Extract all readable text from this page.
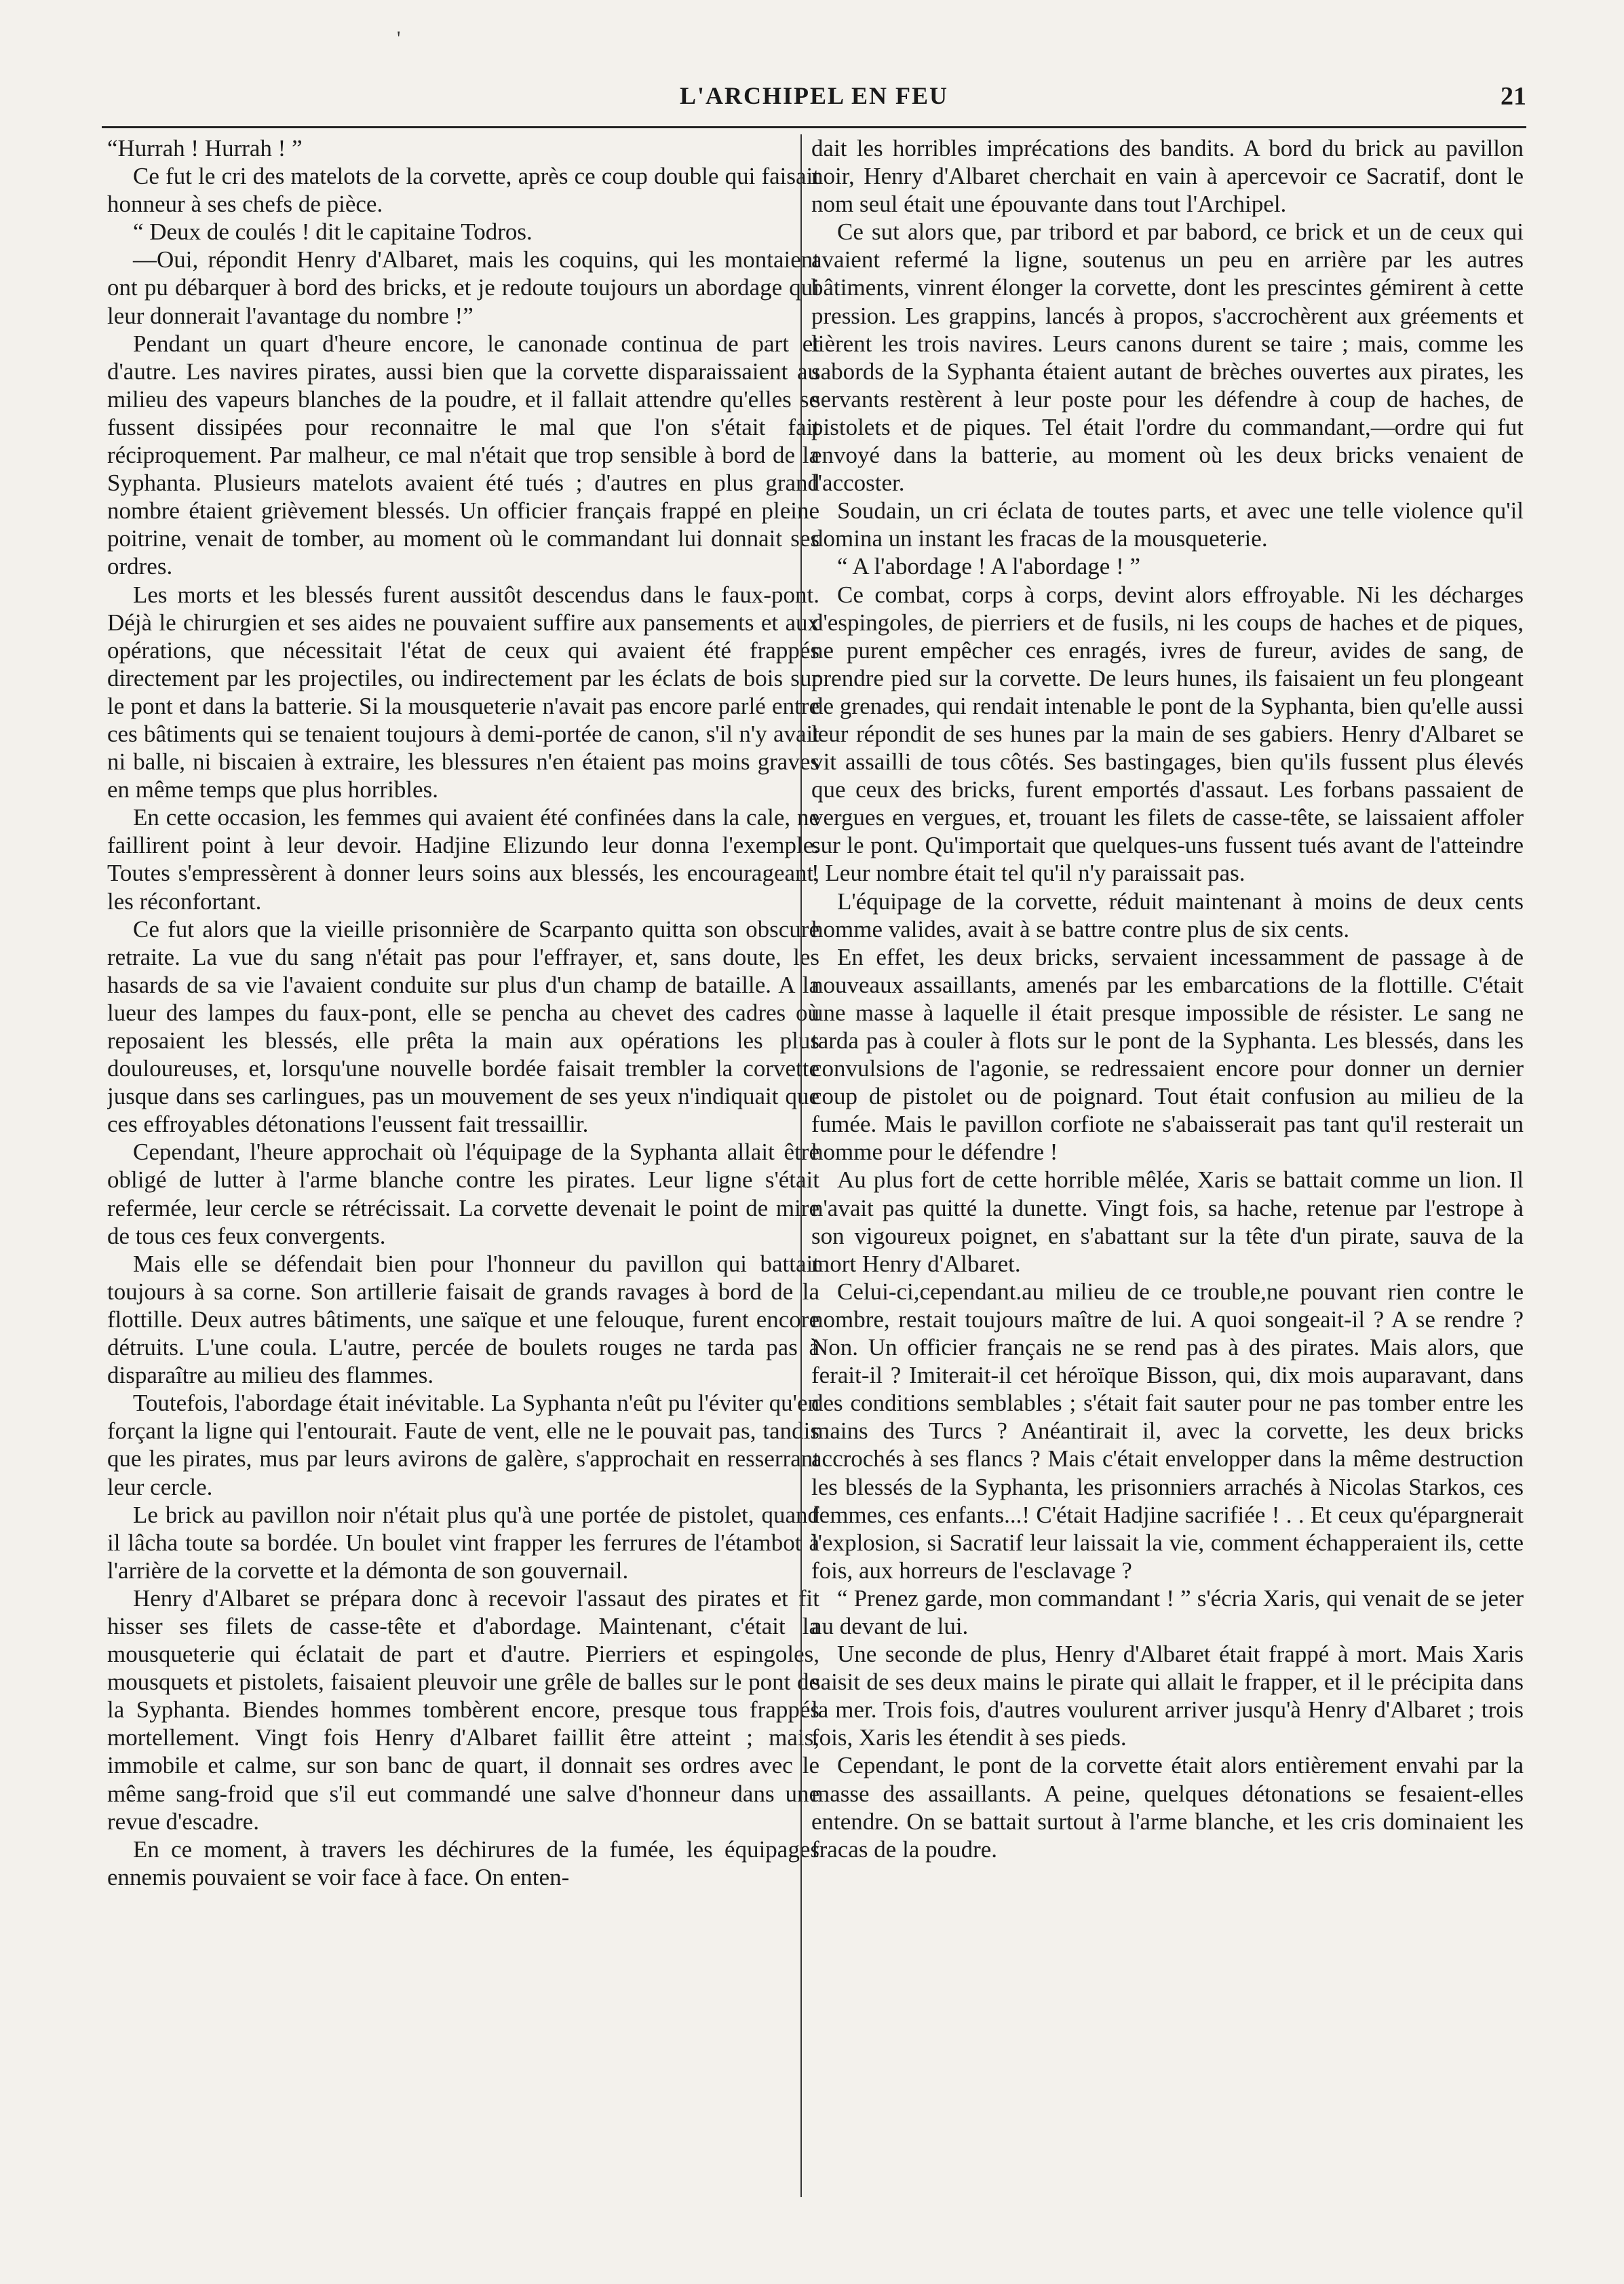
L'ARCHIPEL EN FEU	21
'

“Hurrah ! Hurrah ! ”

Ce fut le cri des matelots de la corvette, après ce coup double qui faisait honneur à ses chefs de pièce.

“ Deux de coulés ! dit le capitaine Todros.

—Oui, répondit Henry d'Albaret, mais les coquins, qui les montaient ont pu débarquer à bord des bricks, et je redoute toujours un abordage qui leur donnerait l'avantage du nombre !”

Pendant un quart d'heure encore, le canonade continua de part et d'autre. Les navires pirates, aussi bien que la corvette disparaissaient au milieu des vapeurs blanches de la poudre, et il fallait attendre qu'elles se fussent dissipées pour reconnaitre le mal que l'on s'était fait réciproquement. Par malheur, ce mal n'était que trop sensible à bord de la Syphanta. Plusieurs matelots avaient été tués ; d'autres en plus grand nombre étaient grièvement blessés. Un officier français frappé en pleine poitrine, venait de tomber, au moment où le commandant lui donnait ses ordres.

Les morts et les blessés furent aussitôt descendus dans le faux-pont. Déjà le chirurgien et ses aides ne pouvaient suffire aux pansements et aux opérations, que nécessitait l'état de ceux qui avaient été frappés directement par les projectiles, ou indirectement par les éclats de bois sur le pont et dans la batterie. Si la mousqueterie n'avait pas encore parlé entre ces bâtiments qui se tenaient toujours à demi-portée de canon, s'il n'y avait ni balle, ni biscaien à extraire, les blessures n'en étaient pas moins graves en même temps que plus horribles.

En cette occasion, les femmes qui avaient été confinées dans la cale, ne faillirent point à leur devoir. Hadjine Elizundo leur donna l'exemple. Toutes s'empressèrent à donner leurs soins aux blessés, les encourageant, les réconfortant.

Ce fut alors que la vieille prisonnière de Scarpanto quitta son obscure retraite. La vue du sang n'était pas pour l'effrayer, et, sans doute, les hasards de sa vie l'avaient conduite sur plus d'un champ de bataille. A la lueur des lampes du faux-pont, elle se pencha au chevet des cadres où reposaient les blessés, elle prêta la main aux opérations les plus douloureuses, et, lorsqu'une nouvelle bordée faisait trembler la corvette jusque dans ses carlingues, pas un mouvement de ses yeux n'indiquait que ces effroyables détonations l'eussent fait tressaillir.

Cependant, l'heure approchait où l'équipage de la Syphanta allait être obligé de lutter à l'arme blanche contre les pirates. Leur ligne s'était refermée, leur cercle se rétrécissait. La corvette devenait le point de mire de tous ces feux convergents.

Mais elle se défendait bien pour l'honneur du pavillon qui battait toujours à sa corne. Son artillerie faisait de grands ravages à bord de la flottille. Deux autres bâtiments, une saïque et une felouque, furent encore détruits. L'une coula. L'autre, percée de boulets rouges ne tarda pas à disparaître au milieu des flammes.

Toutefois, l'abordage était inévitable. La Syphanta n'eût pu l'éviter qu'en forçant la ligne qui l'entourait. Faute de vent, elle ne le pouvait pas, tandis que les pirates, mus par leurs avirons de galère, s'approchait en resserrant leur cercle.

Le brick au pavillon noir n'était plus qu'à une portée de pistolet, quand il lâcha toute sa bordée. Un boulet vint frapper les ferrures de l'étambot à l'arrière de la corvette et la démonta de son gouvernail.

Henry d'Albaret se prépara donc à recevoir l'assaut des pirates et fit hisser ses filets de casse-tête et d'abordage. Maintenant, c'était la mousqueterie qui éclatait de part et d'autre. Pierriers et espingoles, mousquets et pistolets, faisaient pleuvoir une grêle de balles sur le pont de la Syphanta. Biendes hommes tombèrent encore, presque tous frappés mortellement. Vingt fois Henry d'Albaret faillit être atteint ; mais, immobile et calme, sur son banc de quart, il donnait ses ordres avec le même sang-froid que s'il eut commandé une salve d'honneur dans une revue d'escadre.

En ce moment, à travers les déchirures de la fumée, les équipages ennemis pouvaient se voir face à face. On enten-

dait les horribles imprécations des bandits. A bord du brick au pavillon noir, Henry d'Albaret cherchait en vain à apercevoir ce Sacratif, dont le nom seul était une épouvante dans tout l'Archipel.

Ce sut alors que, par tribord et par babord, ce brick et un de ceux qui avaient refermé la ligne, soutenus un peu en arrière par les autres bâtiments, vinrent élonger la corvette, dont les prescintes gémirent à cette pression. Les grappins, lancés à propos, s'accrochèrent aux gréements et lièrent les trois navires. Leurs canons durent se taire ; mais, comme les sabords de la Syphanta étaient autant de brèches ouvertes aux pirates, les servants restèrent à leur poste pour les défendre à coup de haches, de pistolets et de piques. Tel était l'ordre du commandant,—ordre qui fut envoyé dans la batterie, au moment où les deux bricks venaient de l'accoster.

Soudain, un cri éclata de toutes parts, et avec une telle violence qu'il domina un instant les fracas de la mousqueterie.

“ A l'abordage ! A l'abordage ! ”

Ce combat, corps à corps, devint alors effroyable. Ni les décharges d'espingoles, de pierriers et de fusils, ni les coups de haches et de piques, ne purent empêcher ces enragés, ivres de fureur, avides de sang, de prendre pied sur la corvette. De leurs hunes, ils faisaient un feu plongeant de grenades, qui rendait intenable le pont de la Syphanta, bien qu'elle aussi leur répondit de ses hunes par la main de ses gabiers. Henry d'Albaret se vit assailli de tous côtés. Ses bastingages, bien qu'ils fussent plus élevés que ceux des bricks, furent emportés d'assaut. Les forbans passaient de vergues en vergues, et, trouant les filets de casse-tête, se laissaient affoler sur le pont. Qu'importait que quelques-uns fussent tués avant de l'atteindre ! Leur nombre était tel qu'il n'y paraissait pas.

L'équipage de la corvette, réduit maintenant à moins de deux cents homme valides, avait à se battre contre plus de six cents.

En effet, les deux bricks, servaient incessamment de passage à de nouveaux assaillants, amenés par les embarcations de la flottille. C'était une masse à laquelle il était presque impossible de résister. Le sang ne tarda pas à couler à flots sur le pont de la Syphanta. Les blessés, dans les convulsions de l'agonie, se redressaient encore pour donner un dernier coup de pistolet ou de poignard. Tout était confusion au milieu de la fumée. Mais le pavillon corfiote ne s'abaisserait pas tant qu'il resterait un homme pour le défendre !

Au plus fort de cette horrible mêlée, Xaris se battait comme un lion. Il n'avait pas quitté la dunette. Vingt fois, sa hache, retenue par l'estrope à son vigoureux poignet, en s'abattant sur la tête d'un pirate, sauva de la mort Henry d'Albaret.

Celui-ci,cependant.au milieu de ce trouble,ne pouvant rien contre le nombre, restait toujours maître de lui. A quoi songeait-il ? A se rendre ? Non. Un officier français ne se rend pas à des pirates. Mais alors, que ferait-il ? Imiterait-il cet héroïque Bisson, qui, dix mois auparavant, dans des conditions semblables ; s'était fait sauter pour ne pas tomber entre les mains des Turcs ? Anéantirait il, avec la corvette, les deux bricks accrochés à ses flancs ? Mais c'était envelopper dans la même destruction les blessés de la Syphanta, les prisonniers arrachés à Nicolas Starkos, ces femmes, ces enfants...! C'était Hadjine sacrifiée ! . . Et ceux qu'épargnerait l'explosion, si Sacratif leur laissait la vie, comment échapperaient ils, cette fois, aux horreurs de l'esclavage ?

“ Prenez garde, mon commandant ! ” s'écria Xaris, qui venait de se jeter au devant de lui.

Une seconde de plus, Henry d'Albaret était frappé à mort. Mais Xaris saisit de ses deux mains le pirate qui allait le frapper, et il le précipita dans la mer. Trois fois, d'autres voulurent arriver jusqu'à Henry d'Albaret ; trois fois, Xaris les étendit à ses pieds.

Cependant, le pont de la corvette était alors entièrement envahi par la masse des assaillants. A peine, quelques détonations se fesaient-elles entendre. On se battait surtout à l'arme blanche, et les cris dominaient les fracas de la poudre.
